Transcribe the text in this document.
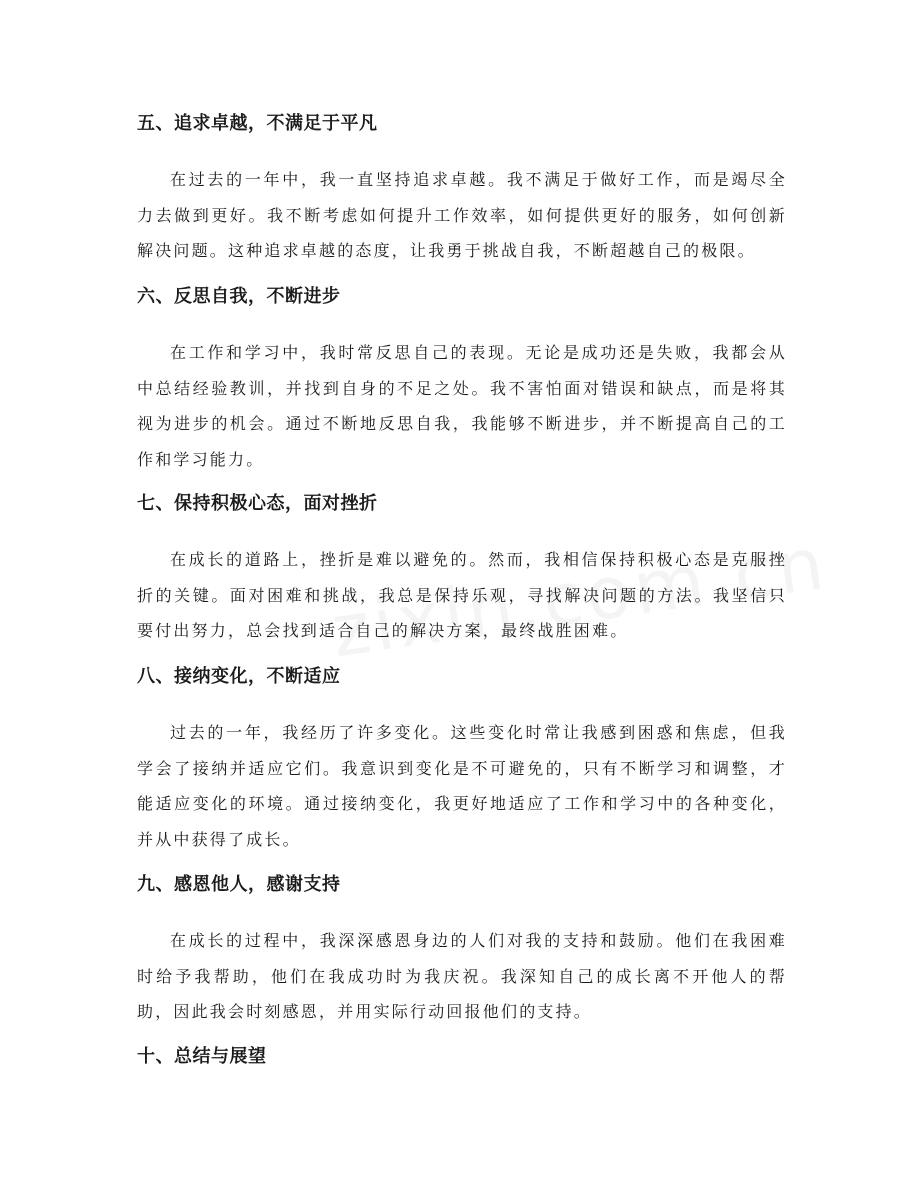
五、追求卓越，不满足于平凡

在过去的一年中，我一直坚持追求卓越。我不满足于做好工作，而是竭尽全力去做到更好。我不断考虑如何提升工作效率，如何提供更好的服务，如何创新解决问题。这种追求卓越的态度，让我勇于挑战自我，不断超越自己的极限。

六、反思自我，不断进步

在工作和学习中，我时常反思自己的表现。无论是成功还是失败，我都会从中总结经验教训，并找到自身的不足之处。我不害怕面对错误和缺点，而是将其视为进步的机会。通过不断地反思自我，我能够不断进步，并不断提高自己的工作和学习能力。

七、保持积极心态，面对挫折

在成长的道路上，挫折是难以避免的。然而，我相信保持积极心态是克服挫折的关键。面对困难和挑战，我总是保持乐观，寻找解决问题的方法。我坚信只要付出努力，总会找到适合自己的解决方案，最终战胜困难。

八、接纳变化，不断适应

过去的一年，我经历了许多变化。这些变化时常让我感到困惑和焦虑，但我学会了接纳并适应它们。我意识到变化是不可避免的，只有不断学习和调整，才能适应变化的环境。通过接纳变化，我更好地适应了工作和学习中的各种变化，并从中获得了成长。

九、感恩他人，感谢支持

在成长的过程中，我深深感恩身边的人们对我的支持和鼓励。他们在我困难时给予我帮助，他们在我成功时为我庆祝。我深知自己的成长离不开他人的帮助，因此我会时刻感恩，并用实际行动回报他们的支持。

十、总结与展望
